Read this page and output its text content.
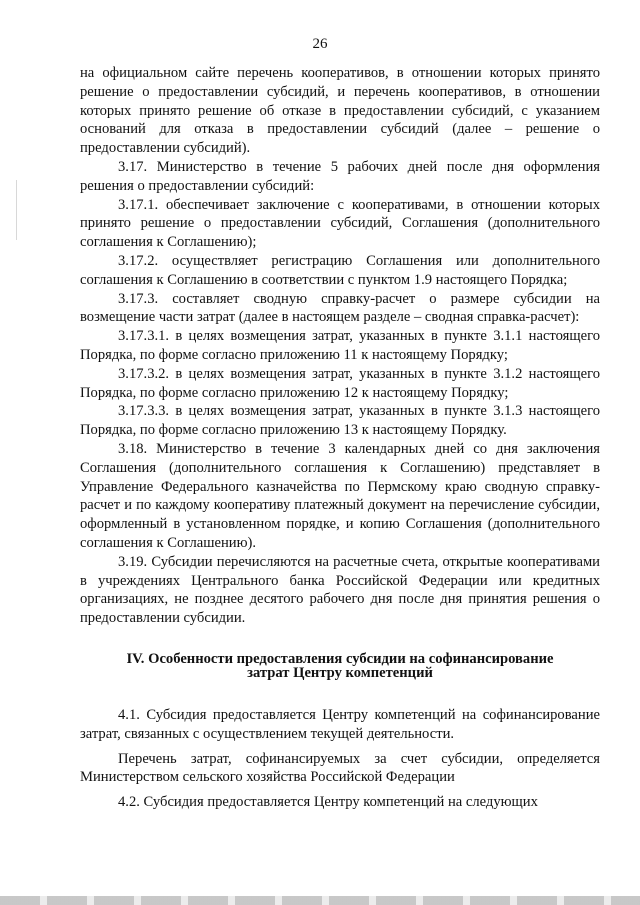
26

на официальном сайте перечень кооперативов, в отношении которых принято решение о предоставлении субсидий, и перечень кооперативов, в отношении которых принято решение об отказе в предоставлении субсидий, с указанием оснований для отказа в предоставлении субсидий (далее – решение о предоставлении субсидий).

3.17. Министерство в течение 5 рабочих дней после дня оформления решения о предоставлении субсидий:

3.17.1. обеспечивает заключение с кооперативами, в отношении которых принято решение о предоставлении субсидий, Соглашения (дополнительного соглашения к Соглашению);

3.17.2. осуществляет регистрацию Соглашения или дополнительного соглашения к Соглашению в соответствии с пунктом 1.9 настоящего Порядка;

3.17.3. составляет сводную справку-расчет о размере субсидии на возмещение части затрат (далее в настоящем разделе – сводная справка-расчет):

3.17.3.1. в целях возмещения затрат, указанных в пункте 3.1.1 настоящего Порядка, по форме согласно приложению 11 к настоящему Порядку;

3.17.3.2. в целях возмещения затрат, указанных в пункте 3.1.2 настоящего Порядка, по форме согласно приложению 12 к настоящему Порядку;

3.17.3.3. в целях возмещения затрат, указанных в пункте 3.1.3 настоящего Порядка, по форме согласно приложению 13 к настоящему Порядку.

3.18. Министерство в течение 3 календарных дней со дня заключения Соглашения (дополнительного соглашения к Соглашению) представляет в Управление Федерального казначейства по Пермскому краю сводную справку-расчет и по каждому кооперативу платежный документ на перечисление субсидии, оформленный в установленном порядке, и копию Соглашения (дополнительного соглашения к Соглашению).

3.19. Субсидии перечисляются на расчетные счета, открытые кооперативами в учреждениях Центрального банка Российской Федерации или кредитных организациях, не позднее десятого рабочего дня после дня принятия решения о предоставлении субсидии.

IV. Особенности предоставления субсидии на софинансирование
затрат Центру компетенций

4.1. Субсидия предоставляется Центру компетенций на софинансирование затрат, связанных с осуществлением текущей деятельности.

Перечень затрат, софинансируемых за счет субсидии, определяется Министерством сельского хозяйства Российской Федерации

4.2. Субсидия предоставляется Центру компетенций на следующих
